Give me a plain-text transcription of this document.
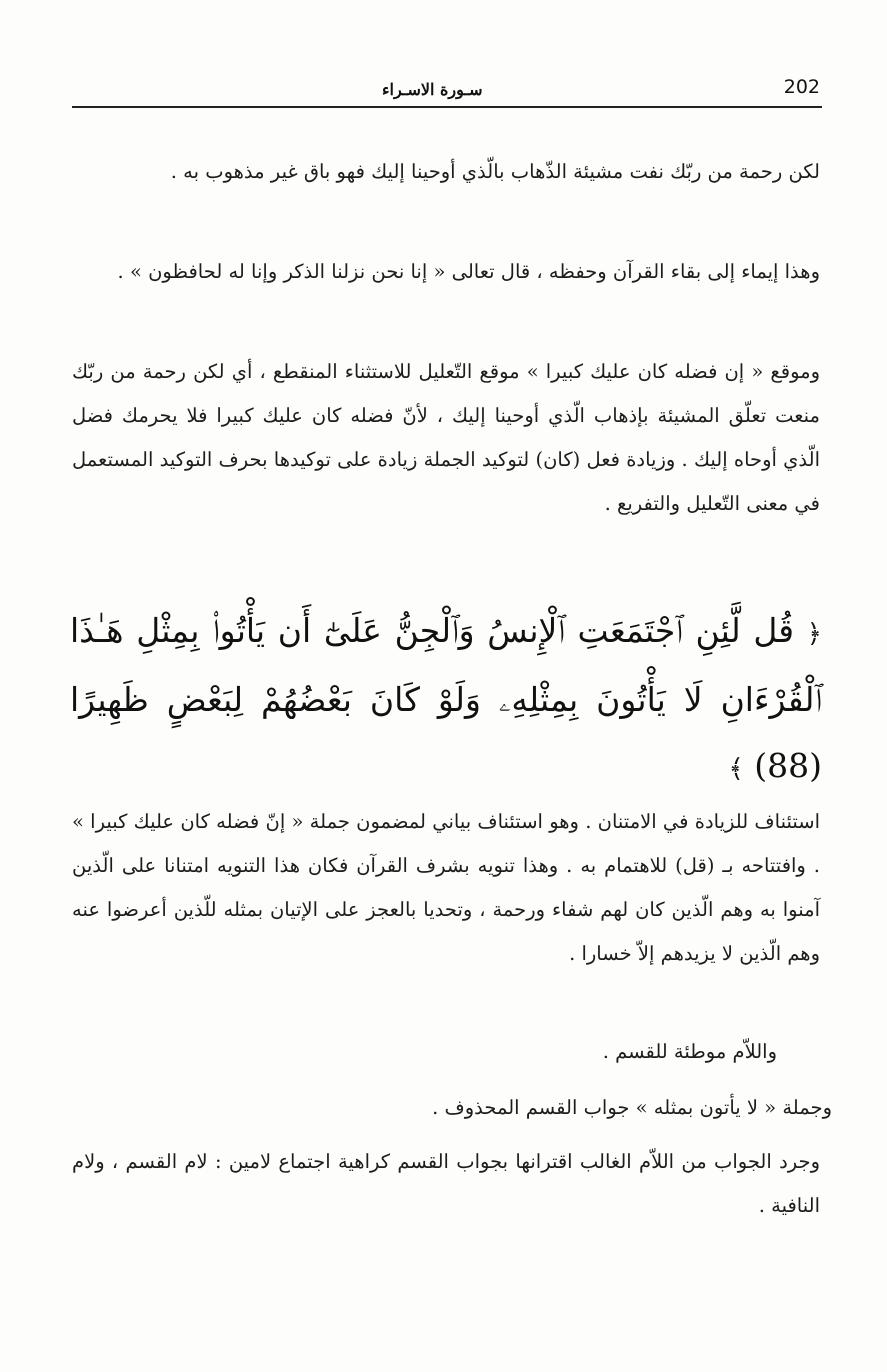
سـورة الاسـراء	202

لكن رحمة من ربّك نفت مشيئة الذّهاب بالّذي أوحينا إليك فهو باق غير مذهوب به .

وهذا إيماء إلى بقاء القرآن وحفظه ، قال تعالى « إنا نحن نزلنا الذكر وإنا له لحافظون » .

وموقع « إن فضله كان عليك كبيرا » موقع التّعليل للاستثناء المنقطع ، أي لكن رحمة من ربّك منعت تعلّق المشيئة بإذهاب الّذي أوحينا إليك ، لأنّ فضله كان عليك كبيرا فلا يحرمك فضل الّذي أوحاه إليك . وزيادة فعل (كان) لتوكيد الجملة زيادة على توكيدها بحرف التوكيد المستعمل في معنى التّعليل والتفريع .

﴿ قُل لَّئِنِ ٱجْتَمَعَتِ ٱلْإِنسُ وَٱلْجِنُّ عَلَىٰٓ أَن يَأْتُوا۟ بِمِثْلِ هَـٰذَا ٱلْقُرْءَانِ لَا يَأْتُونَ بِمِثْلِهِۦ وَلَوْ كَانَ بَعْضُهُمْ لِبَعْضٍ ظَهِيرًا (88) ﴾

استئناف للزيادة في الامتنان . وهو استئناف بياني لمضمون جملة « إنّ فضله كان عليك كبيرا » . وافتتاحه بـ (قل) للاهتمام به . وهذا تنويه بشرف القرآن فكان هذا التنويه امتنانا على الّذين آمنوا به وهم الّذين كان لهم شفاء ورحمة ، وتحديا بالعجز على الإتيان بمثله للّذين أعرضوا عنه وهم الّذين لا يزيدهم إلاّ خسارا .

واللاّم موطئة للقسم .

وجملة « لا يأتون بمثله » جواب القسم المحذوف .

وجرد الجواب من اللاّم الغالب اقترانها بجواب القسم كراهية اجتماع لامين : لام القسم ، ولام النافية .
